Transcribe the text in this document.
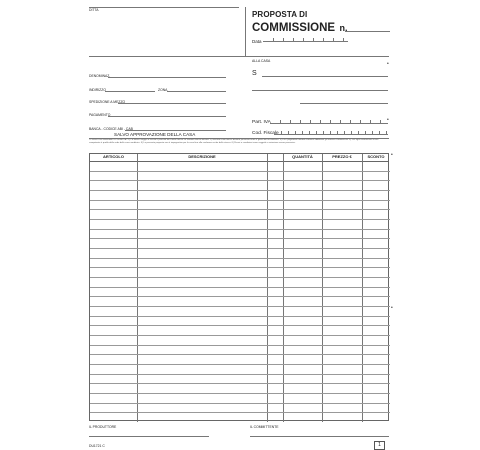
DITTA	PROPOSTA DI
COMMISSIONE n.
Data
ALLA CASA	•
DENOMINAZ.
INDIRIZZO	ZONA
SPEDIZIONE A MEZZO
PAGAMENTO
BANCA - CODICE ABI - CAB
SALVO APPROVAZIONE DELLA CASA
S
Part. IVA	•
Cod. Fiscale
CONDIZIONI GENERALI DI VENDITA - 1) La merce viaggia a rischio e pericolo del cliente anche se venduta franco destino. 2) Reclami sulla merce devono pervenire entro 8 giorni dal ricevimento. 3) Per i pagamenti ritardati saranno addebitati gli interessi commerciali. 4) Per ogni controversia il foro competente è quello della sede della casa venditrice. 5) La presente proposta non è impegnativa per la casa fino alla conferma scritta della stessa. 6) Prezzi e condizioni sono soggetti a variazione senza preavviso.
ARTICOLO	DESCRIZIONE	QUANTITÀ	PREZZO €	SCONTO	•
•
IL PRODUTTORE	IL COMMITTENTE
DU1721 C	1
